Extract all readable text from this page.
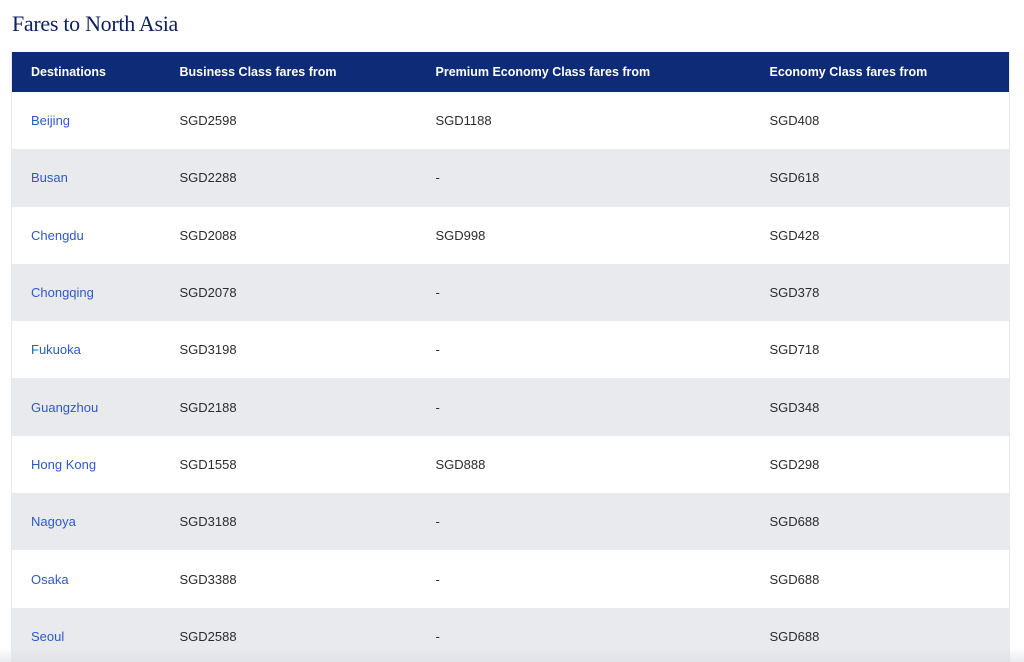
Fares to North Asia
Destinations	Business Class fares from	Premium Economy Class fares from	Economy Class fares from
Beijing	SGD2598	SGD1188	SGD408
Busan	SGD2288	-	SGD618
Chengdu	SGD2088	SGD998	SGD428
Chongqing	SGD2078	-	SGD378
Fukuoka	SGD3198	-	SGD718
Guangzhou	SGD2188	-	SGD348
Hong Kong	SGD1558	SGD888	SGD298
Nagoya	SGD3188	-	SGD688
Osaka	SGD3388	-	SGD688
Seoul	SGD2588	-	SGD688
